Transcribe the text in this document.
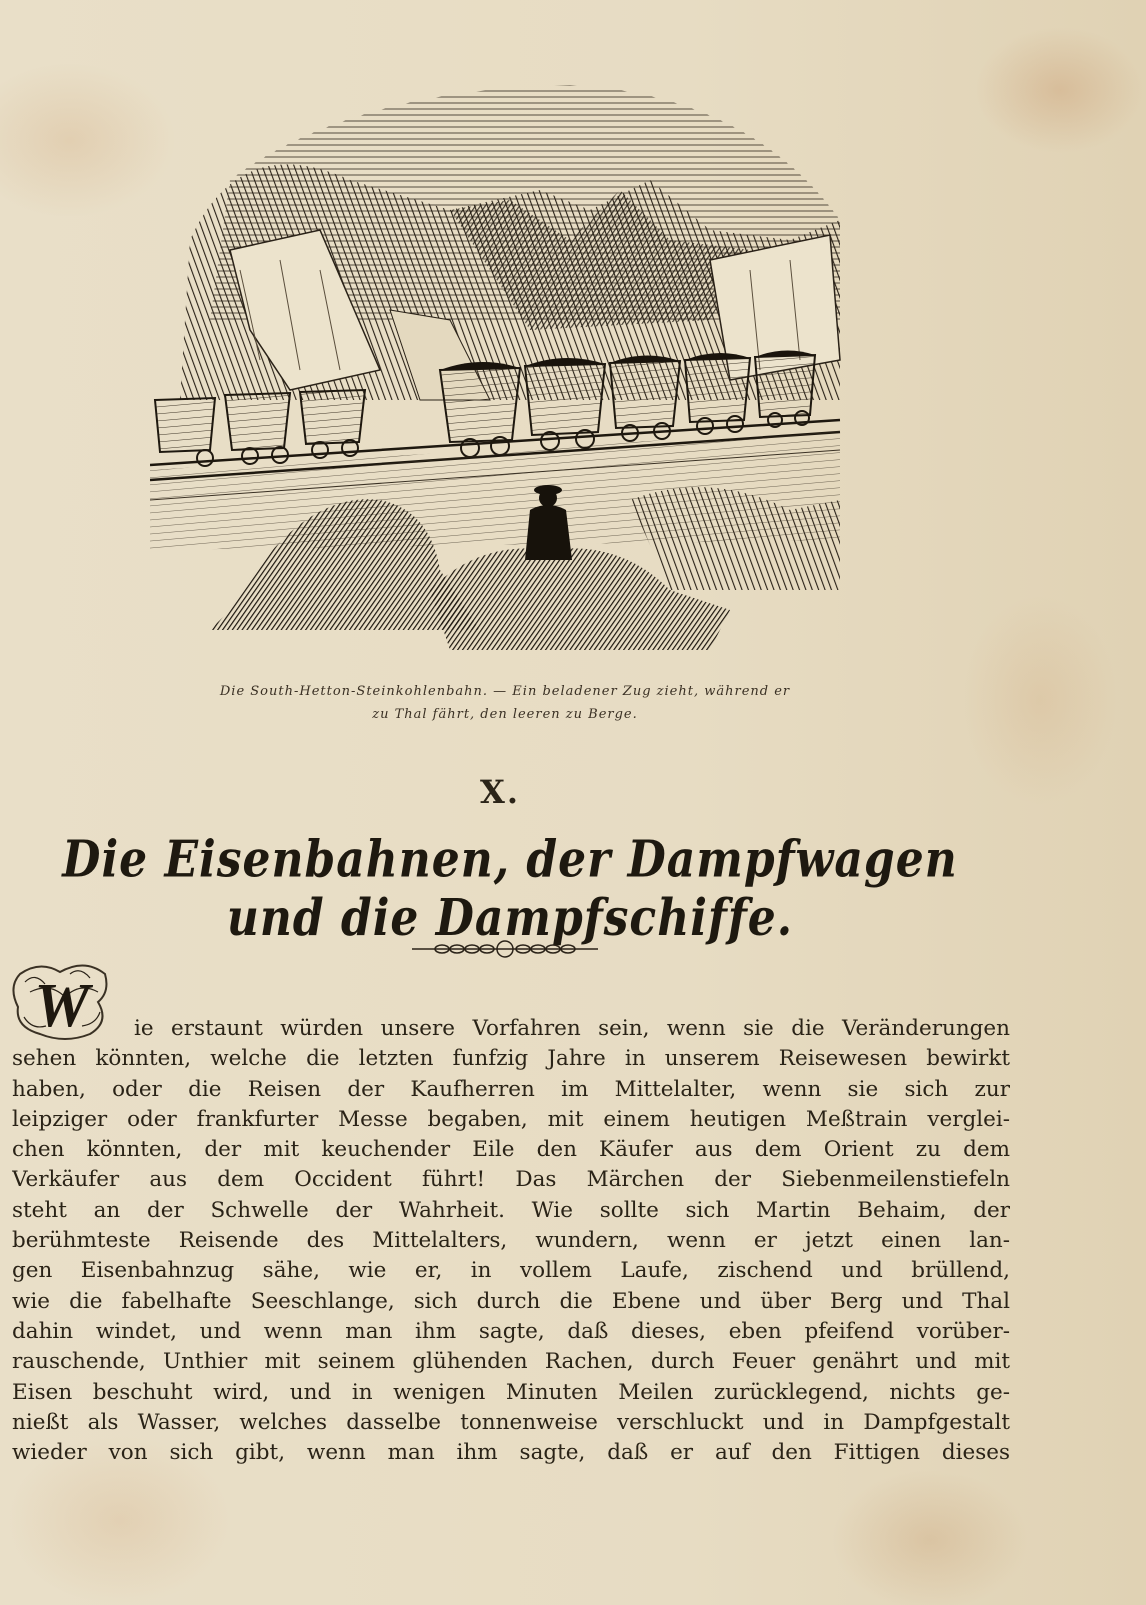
Die South-Hetton-Steinkohlenbahn. — Ein beladener Zug zieht, während er
zu Thal fährt, den leeren zu Berge.
X.
Die Eisenbahnen, der Dampfwagen und die Dampfschiffe.
W	ie erstaunt würden unsere Vorfahren sein, wenn sie die Veränderungen
sehen könnten, welche die letzten funfzig Jahre in unserem Reisewesen bewirkt
haben, oder die Reisen der Kaufherren im Mittelalter, wenn sie sich zur
leipziger oder frankfurter Messe begaben, mit einem heutigen Meßtrain verglei-
chen könnten, der mit keuchender Eile den Käufer aus dem Orient zu dem
Verkäufer aus dem Occident führt! Das Märchen der Siebenmeilenstiefeln
steht an der Schwelle der Wahrheit. Wie sollte sich Martin Behaim, der
berühmteste Reisende des Mittelalters, wundern, wenn er jetzt einen lan-
gen Eisenbahnzug sähe, wie er, in vollem Laufe, zischend und brüllend,
wie die fabelhafte Seeschlange, sich durch die Ebene und über Berg und Thal
dahin windet, und wenn man ihm sagte, daß dieses, eben pfeifend vorüber-
rauschende, Unthier mit seinem glühenden Rachen, durch Feuer genährt und mit
Eisen beschuht wird, und in wenigen Minuten Meilen zurücklegend, nichts ge-
nießt als Wasser, welches dasselbe tonnenweise verschluckt und in Dampfgestalt
wieder von sich gibt, wenn man ihm sagte, daß er auf den Fittigen dieses
